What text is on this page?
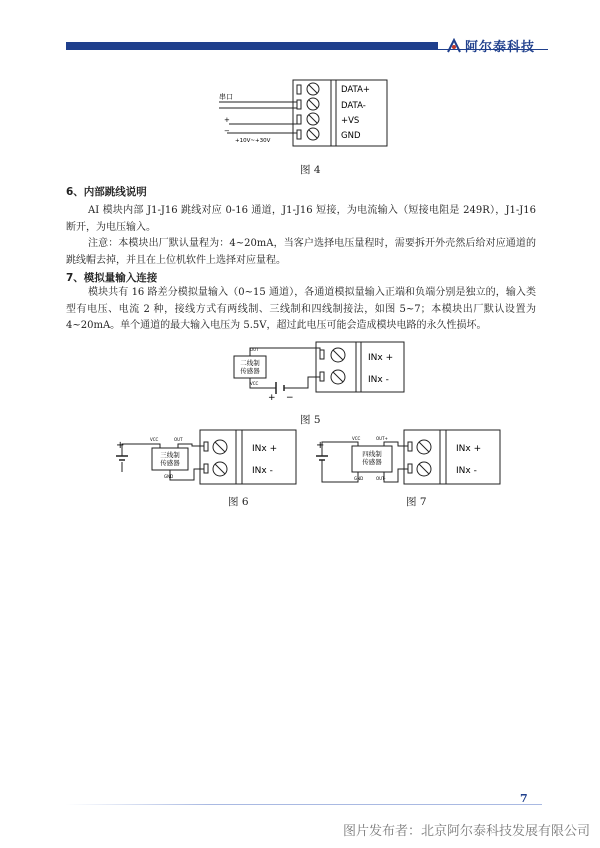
阿尔泰科技
DATA+
DATA-
+VS
GND
串口
+
−
+10V~+30V
图 4
6、内部跳线说明
AI 模块内部 J1-J16 跳线对应 0-16 通道，J1-J16 短接，为电流输入（短接电阻是 249R），J1-J16 断开，为电压输入。
注意：本模块出厂默认量程为：4~20mA，当客户选择电压量程时，需要拆开外壳然后给对应通道的跳线帽去掉，并且在上位机软件上选择对应量程。
7、模拟量输入连接
模块共有 16 路差分模拟量输入（0~15 通道），各通道模拟量输入正端和负端分别是独立的，输入类型有电压、电流 2 种，接线方式有两线制、三线制和四线制接法，如图 5~7；本模块出厂默认设置为 4~20mA。单个通道的最大输入电压为 5.5V，超过此电压可能会造成模块电路的永久性损坏。
INx +
INx -
二线制传感器
OUT
VCC
+ −
图 5
INx +
INx -
三线制传感器
VCC	OUT
GND
+
图 6
INx +
INx -
四线制传感器
VCC	OUT+
OUT-
GND
+
图 7
7
图片发布者：北京阿尔泰科技发展有限公司
